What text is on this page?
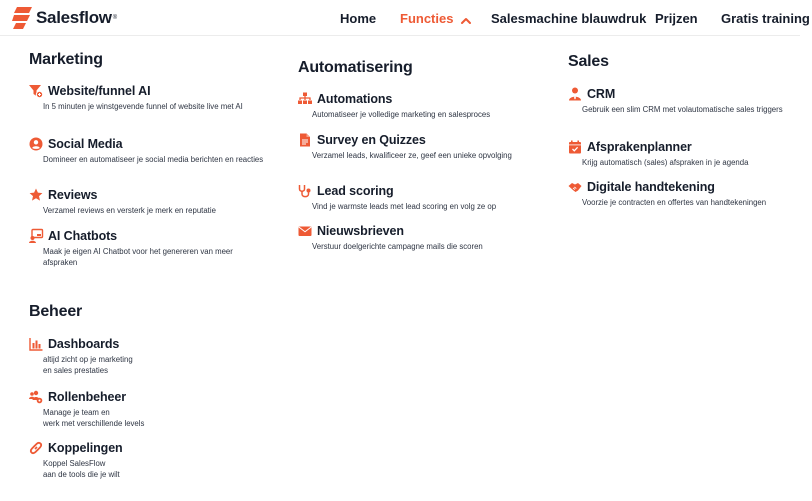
Salesflow ®	Home Functies	Salesmachine blauwdruk Prijzen Gratis training
Marketing
Website/funnel AI
In 5 minuten je winstgevende funnel of website live met AI
Social Media
Domineer en automatiseer je social media berichten en reacties
Reviews
Verzamel reviews en versterk je merk en reputatie
AI Chatbots
Maak je eigen AI Chatbot voor het genereren van meer afspraken
Automatisering
Automations
Automatiseer je volledige marketing en salesproces
Survey en Quizzes
Verzamel leads, kwalificeer ze, geef een unieke opvolging
Lead scoring
Vind je warmste leads met lead scoring en volg ze op
Nieuwsbrieven
Verstuur doelgerichte campagne mails die scoren
Sales
CRM
Gebruik een slim CRM met volautomatische sales triggers
Afsprakenplanner
Krijg automatisch (sales) afspraken in je agenda
Digitale handtekening
Voorzie je contracten en offertes van handtekeningen
Beheer
Dashboards
altijd zicht op je marketing
en sales prestaties
Rollenbeheer
Manage je team en
werk met verschillende levels
Koppelingen
Koppel SalesFlow
aan de tools die je wilt
